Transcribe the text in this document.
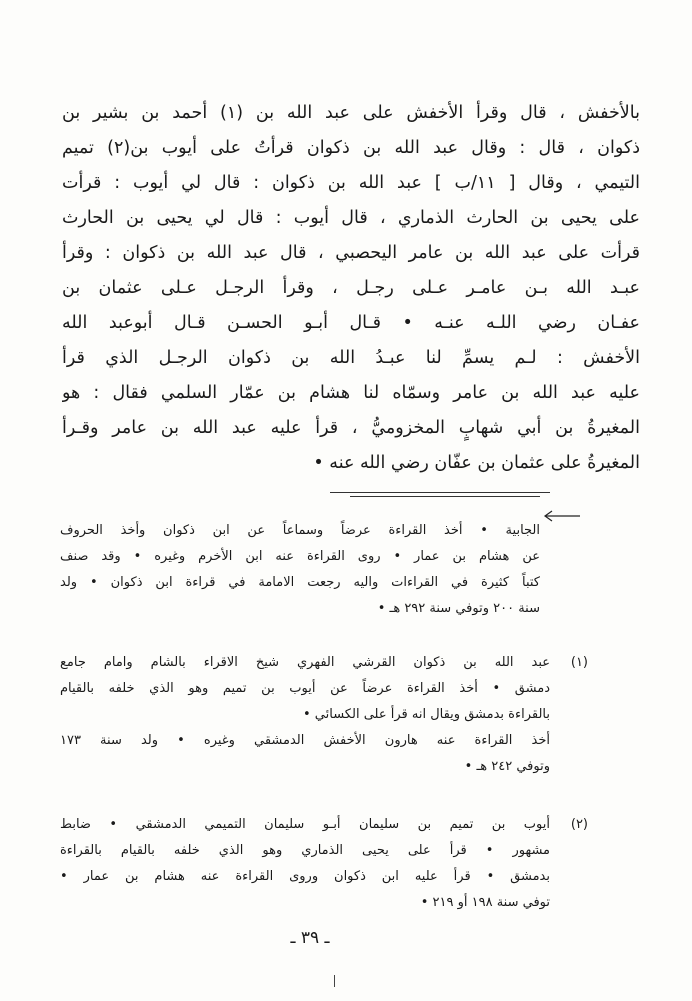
بالأخفش ، قال وقرأ الأخفش على عبد الله بن (١) أحمد بن بشير بن
ذكوان ، قال : وقال عبد الله بن ذكوان قرأتُ على أيوب بن(٢) تميم
التيمي ، وقال [ ١١/ب ] عبد الله بن ذكوان : قال لي أيوب : قرأت
على يحيى بن الحارث الذماري ، قال أيوب : قال لي يحيى بن الحارث
قرأت على عبد الله بن عامر اليحصبي ، قال عبد الله بن ذكوان : وقرأ
عبـد الله بـن عامـر عـلى رجـل ، وقرأ الرجـل عـلى عثمان بن
عفـان رضي اللـه عنـه • قـال أبـو الحسـن قـال أبوعبد الله
الأخفش : لـم يسمِّ لنا عبـدُ الله بن ذكوان الرجـل الذي قرأ
عليه عبد الله بن عامر وسمّاه لنا هشام بن عمّار السلمي فقال : هو
المغيرةُ بن أبي شهابٍ المخزوميُّ ، قرأ عليه عبد الله بن عامر وقـرأ
المغيرةُ على عثمان بن عفّان رضي الله عنه •
الجابية • أخذ القراءة عرضاً وسماعاً عن ابن ذكوان وأخذ الحروف
عن هشام بن عمار • روى القراءة عنه ابن الأخرم وغيره • وقد صنف
كتباً كثيرة في القراءات واليه رجعت الامامة في قراءة ابن ذكوان • ولد
سنة ٢٠٠ وتوفي سنة ٢٩٢ هـ •
(١)
عبد الله بن ذكوان القرشي الفهري شيخ الاقراء بالشام وامام جامع
دمشق • أخذ القراءة عرضاً عن أيوب بن تميم وهو الذي خلفه بالقيام
بالقراءة بدمشق ويقال انه قرأ على الكسائي •
أخذ القراءة عنه هارون الأخفش الدمشقي وغيره • ولد سنة ١٧٣
وتوفي ٢٤٢ هـ •
(٢)
أيوب بن تميم بن سليمان أبـو سليمان التميمي الدمشقي • ضابط
مشهور • قرأ على يحيى الذماري وهو الذي خلفه بالقيام بالقراءة
بدمشق • قرأ عليه ابن ذكوان وروى القراءة عنه هشام بن عمار •
توفي سنة ١٩٨ أو ٢١٩ •
ـ ٣٩ ـ
